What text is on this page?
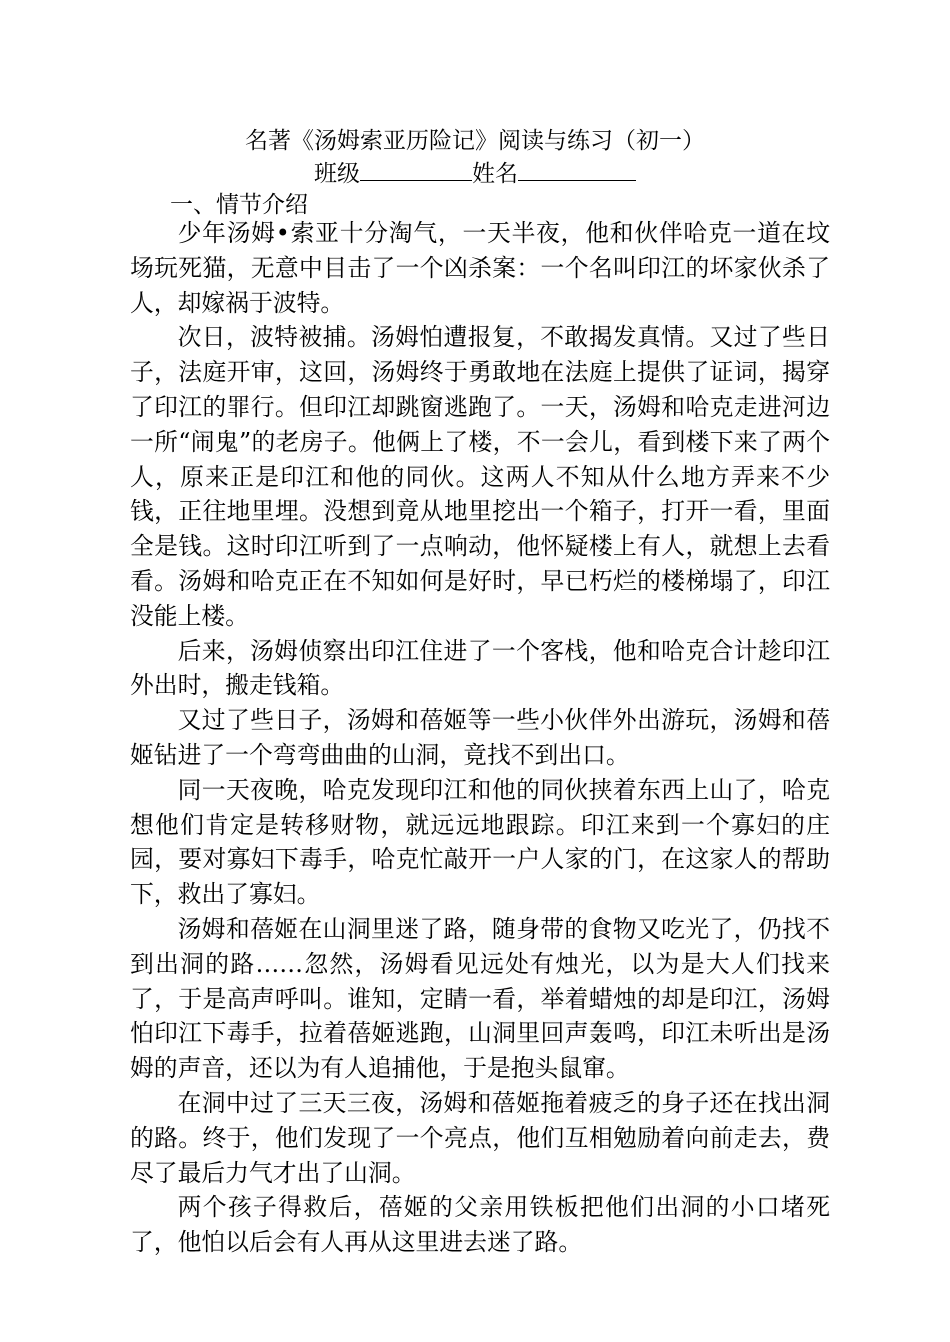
名著《汤姆索亚历险记》阅读与练习（初一）
班级	姓名
一、情节介绍

少年汤姆•索亚十分淘气，一天半夜，他和伙伴哈克一道在坟场玩死猫，无意中目击了一个凶杀案：一个名叫印江的坏家伙杀了人，却嫁祸于波特。

次日，波特被捕。汤姆怕遭报复，不敢揭发真情。又过了些日子，法庭开审，这回，汤姆终于勇敢地在法庭上提供了证词，揭穿了印江的罪行。但印江却跳窗逃跑了。一天，汤姆和哈克走进河边一所“闹鬼”的老房子。他俩上了楼，不一会儿，看到楼下来了两个人，原来正是印江和他的同伙。这两人不知从什么地方弄来不少钱，正往地里埋。没想到竟从地里挖出一个箱子，打开一看，里面全是钱。这时印江听到了一点响动，他怀疑楼上有人，就想上去看看。汤姆和哈克正在不知如何是好时，早已朽烂的楼梯塌了，印江没能上楼。

后来，汤姆侦察出印江住进了一个客栈，他和哈克合计趁印江外出时，搬走钱箱。

又过了些日子，汤姆和蓓姬等一些小伙伴外出游玩，汤姆和蓓姬钻进了一个弯弯曲曲的山洞，竟找不到出口。

同一天夜晚，哈克发现印江和他的同伙挟着东西上山了，哈克想他们肯定是转移财物，就远远地跟踪。印江来到一个寡妇的庄园，要对寡妇下毒手，哈克忙敲开一户人家的门，在这家人的帮助下，救出了寡妇。

汤姆和蓓姬在山洞里迷了路，随身带的食物又吃光了，仍找不到出洞的路……忽然，汤姆看见远处有烛光，以为是大人们找来了，于是高声呼叫。谁知，定睛一看，举着蜡烛的却是印江，汤姆怕印江下毒手，拉着蓓姬逃跑，山洞里回声轰鸣，印江未听出是汤姆的声音，还以为有人追捕他，于是抱头鼠窜。

在洞中过了三天三夜，汤姆和蓓姬拖着疲乏的身子还在找出洞的路。终于，他们发现了一个亮点，他们互相勉励着向前走去，费尽了最后力气才出了山洞。

两个孩子得救后，蓓姬的父亲用铁板把他们出洞的小口堵死了，他怕以后会有人再从这里进去迷了路。
